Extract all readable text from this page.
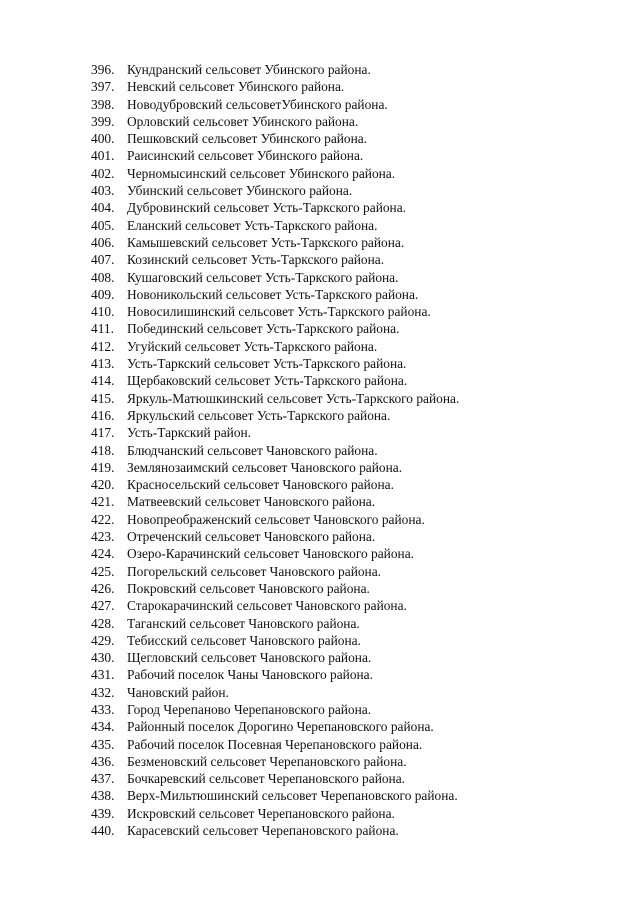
396. Кундранский сельсовет Убинского района.
397. Невский сельсовет Убинского района.
398. Новодубровский сельсоветУбинского района.
399. Орловский сельсовет Убинского района.
400. Пешковский сельсовет Убинского района.
401. Раисинский сельсовет Убинского района.
402. Черномысинский сельсовет Убинского района.
403. Убинский сельсовет Убинского района.
404. Дубровинский сельсовет Усть-Таркского района.
405. Еланский сельсовет Усть-Таркского района.
406. Камышевский сельсовет Усть-Таркского района.
407. Козинский сельсовет Усть-Таркского района.
408. Кушаговский сельсовет Усть-Таркского района.
409. Новоникольский сельсовет Усть-Таркского района.
410. Новосилишинский сельсовет Усть-Таркского района.
411. Побединский сельсовет Усть-Таркского района.
412. Угуйский сельсовет Усть-Таркского района.
413. Усть-Таркский сельсовет Усть-Таркского района.
414. Щербаковский сельсовет Усть-Таркского района.
415. Яркуль-Матюшкинский сельсовет Усть-Таркского района.
416. Яркульский сельсовет Усть-Таркского района.
417. Усть-Таркский район.
418. Блюдчанский сельсовет Чановского района.
419. Землянозаимский сельсовет Чановского района.
420. Красносельский сельсовет Чановского района.
421. Матвеевский сельсовет Чановского района.
422. Новопреображенский сельсовет Чановского района.
423. Отреченский сельсовет Чановского района.
424. Озеро-Карачинский сельсовет Чановского района.
425. Погорельский сельсовет Чановского района.
426. Покровский сельсовет Чановского района.
427. Старокарачинский сельсовет Чановского района.
428. Таганский сельсовет Чановского района.
429. Тебисский сельсовет Чановского района.
430. Щегловский сельсовет Чановского района.
431. Рабочий поселок Чаны Чановского района.
432. Чановский район.
433. Город Черепаново Черепановского района.
434. Районный поселок Дорогино Черепановского района.
435. Рабочий поселок Посевная Черепановского района.
436. Безменовский сельсовет Черепановского района.
437. Бочкаревский сельсовет Черепановского района.
438. Верх-Мильтюшинский сельсовет Черепановского района.
439. Искровский сельсовет Черепановского района.
440. Карасевский сельсовет Черепановского района.
